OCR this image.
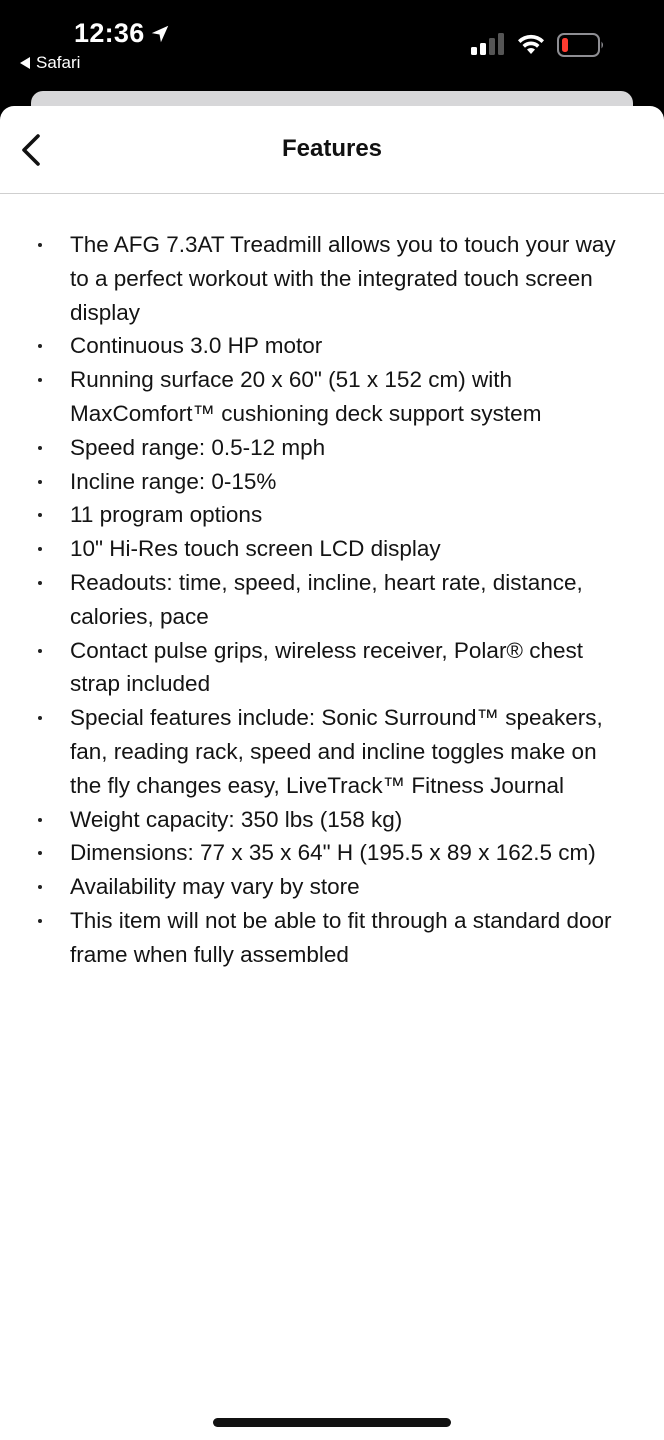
12:36
Safari
Features
The AFG 7.3AT Treadmill allows you to touch your way to a perfect workout with the integrated touch screen display
Continuous 3.0 HP motor
Running surface 20 x 60" (51 x 152 cm) with MaxComfort™ cushioning deck support system
Speed range: 0.5-12 mph
Incline range: 0-15%
11 program options
10" Hi-Res touch screen LCD display
Readouts: time, speed, incline, heart rate, distance, calories, pace
Contact pulse grips, wireless receiver, Polar® chest strap included
Special features include: Sonic Surround™ speakers, fan, reading rack, speed and incline toggles make on the fly changes easy, LiveTrack™ Fitness Journal
Weight capacity: 350 lbs (158 kg)
Dimensions: 77 x 35 x 64" H (195.5 x 89 x 162.5 cm)
Availability may vary by store
This item will not be able to fit through a standard door frame when fully assembled
